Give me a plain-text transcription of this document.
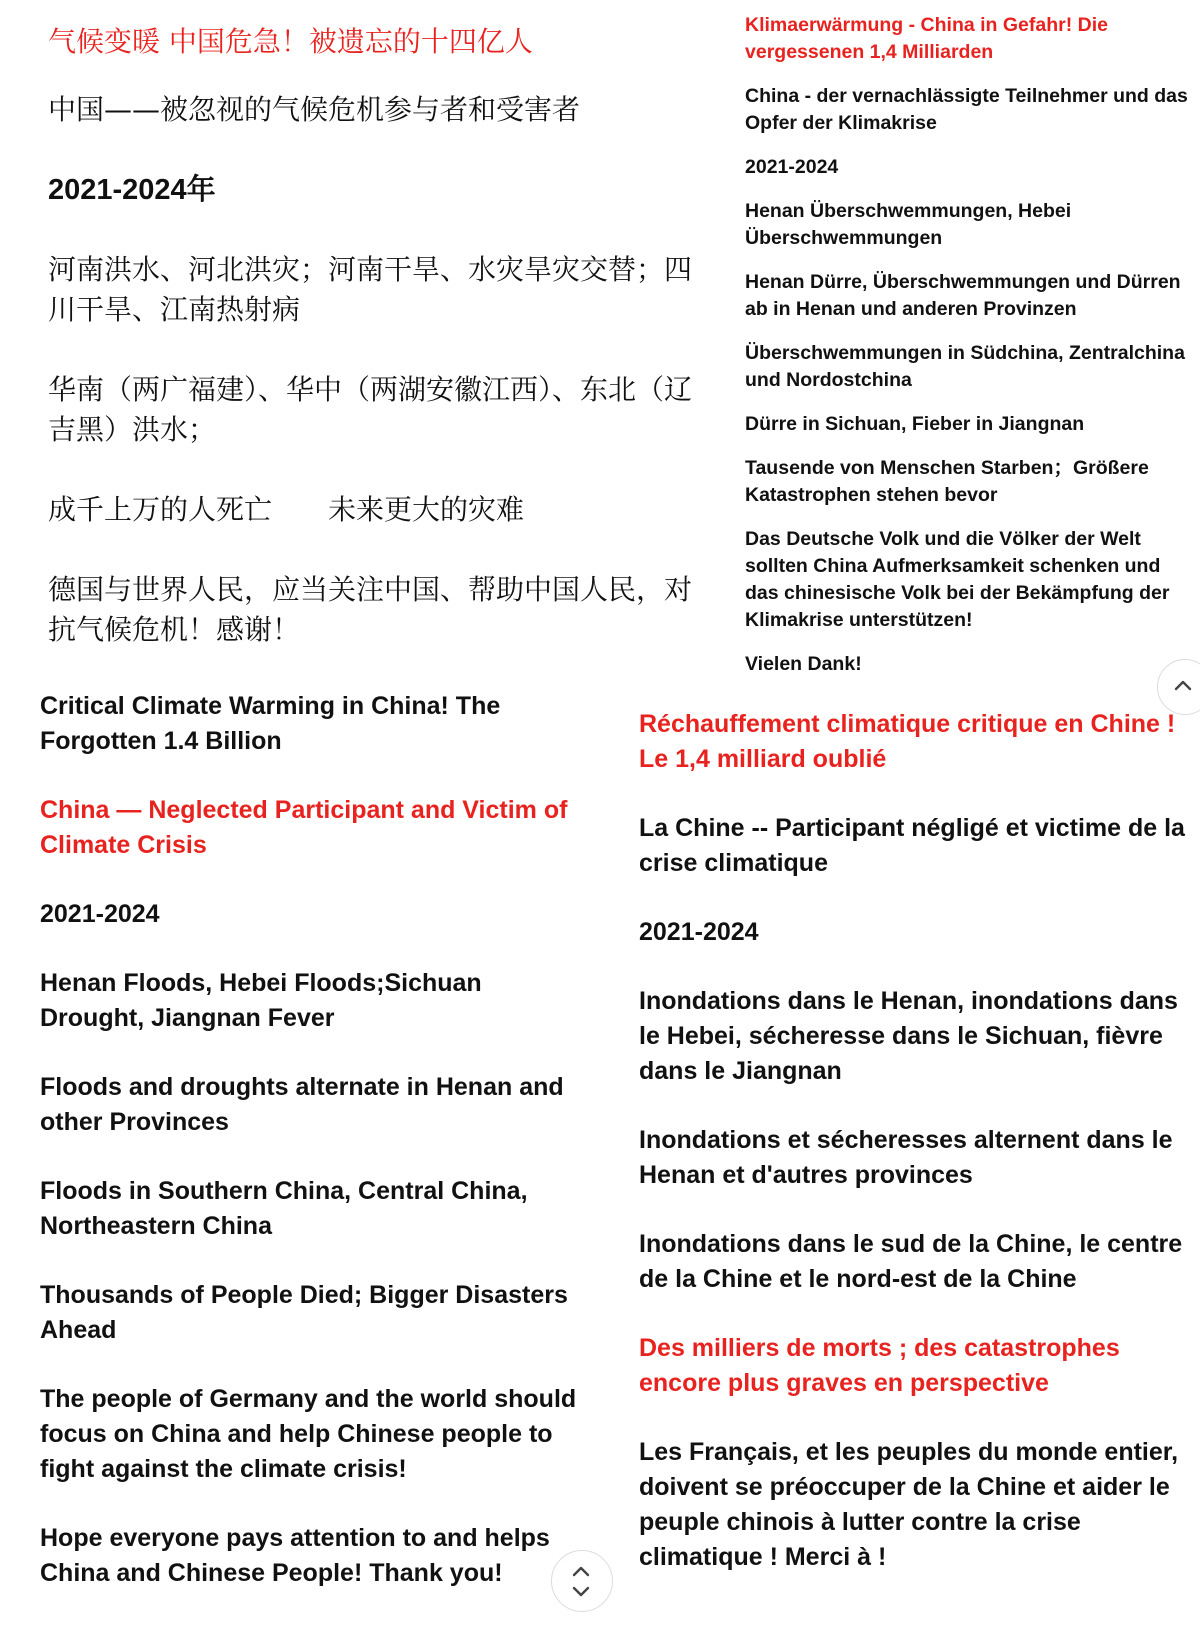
气候变暖 中国危急！被遗忘的十四亿人

中国——被忽视的气候危机参与者和受害者

2021-2024年

河南洪水、河北洪灾；河南干旱、水灾旱灾交替；四川干旱、江南热射病

华南（两广福建）、华中（两湖安徽江西）、东北（辽吉黑）洪水；

成千上万的人死亡　　未来更大的灾难

德国与世界人民，应当关注中国、帮助中国人民，对抗气候危机！感谢！

Klimaerwärmung - China in Gefahr! Die vergessenen 1,4 Milliarden

China - der vernachlässigte Teilnehmer und das Opfer der Klimakrise

2021-2024

Henan Überschwemmungen, Hebei Überschwemmungen

Henan Dürre, Überschwemmungen und Dürren ab in Henan und anderen Provinzen

Überschwemmungen in Südchina, Zentralchina und Nordostchina

Dürre in Sichuan, Fieber in Jiangnan

Tausende von Menschen Starben；Größere Katastrophen stehen bevor

Das Deutsche Volk und die Völker der Welt sollten China Aufmerksamkeit schenken und das chinesische Volk bei der Bekämpfung der Klimakrise unterstützen!

Vielen Dank!

Critical Climate Warming in China! The Forgotten 1.4 Billion

China — Neglected Participant and Victim of Climate Crisis

2021-2024

Henan Floods, Hebei Floods;Sichuan Drought, Jiangnan Fever

Floods and droughts alternate in Henan and other Provinces

Floods in Southern China, Central China, Northeastern China

Thousands of People Died; Bigger Disasters Ahead

The people of Germany and the world should focus on China and help Chinese people to fight against the climate crisis!

Hope everyone pays attention to and helps China and Chinese People! Thank you!

Réchauffement climatique critique en Chine ! Le 1,4 milliard oublié

La Chine -- Participant négligé et victime de la crise climatique

2021-2024

Inondations dans le Henan, inondations dans le Hebei, sécheresse dans le Sichuan, fièvre dans le Jiangnan

Inondations et sécheresses alternent dans le Henan et d'autres provinces

Inondations dans le sud de la Chine, le centre de la Chine et le nord-est de la Chine

Des milliers de morts ; des catastrophes encore plus graves en perspective

Les Français, et les peuples du monde entier, doivent se préoccuper de la Chine et aider le peuple chinois à lutter contre la crise climatique ! Merci à !
